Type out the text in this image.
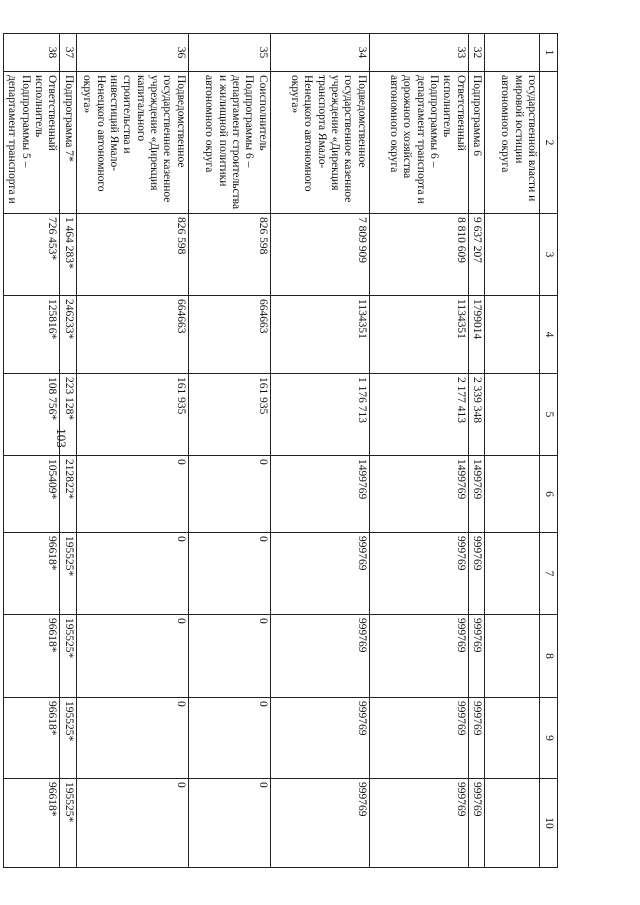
103
1	2	3	4	5	6	7	8	9	10
	государственной власти и мировой юстиции автономного округа	

32	Подпрограмма 6	9 637 207	1799014	2 339 348	1499769	999769	999769	999769	999769

33	Ответственный исполнитель Подпрограммы 6 – департамент транспорта и дорожного хозяйства автономного округа	8 810 609	1134351	2 177 413	1499769	999769	999769	999769	999769

34	Подведомственное государственное казенное учреждение «Дирекция транспорта Ямало-Ненецкого автономного округа»	7 809 909	1134351	1 176 713	1499769	999769	999769	999769	999769

35	Соисполнитель Подпрограммы 6 – департамент строительства и жилищной политики автономного округа	826 598	664663	161 935	0	0	0	0	0

36	Подведомственное государственное казенное учреждение «Дирекция капитального строительства и инвестиций Ямало-Ненецкого автономного округа»	826 598	664663	161 935	0	0	0	0	0

37	Подпрограмма 7*	1 464 283*	246233*	223 128*	212822*	195525*	195525*	195525*	195525*

38	Ответственный исполнитель Подпрограммы 5 – департамент транспорта и	726 453*	125816*	108 756*	105409*	96618*	96618*	96618*	96618*
